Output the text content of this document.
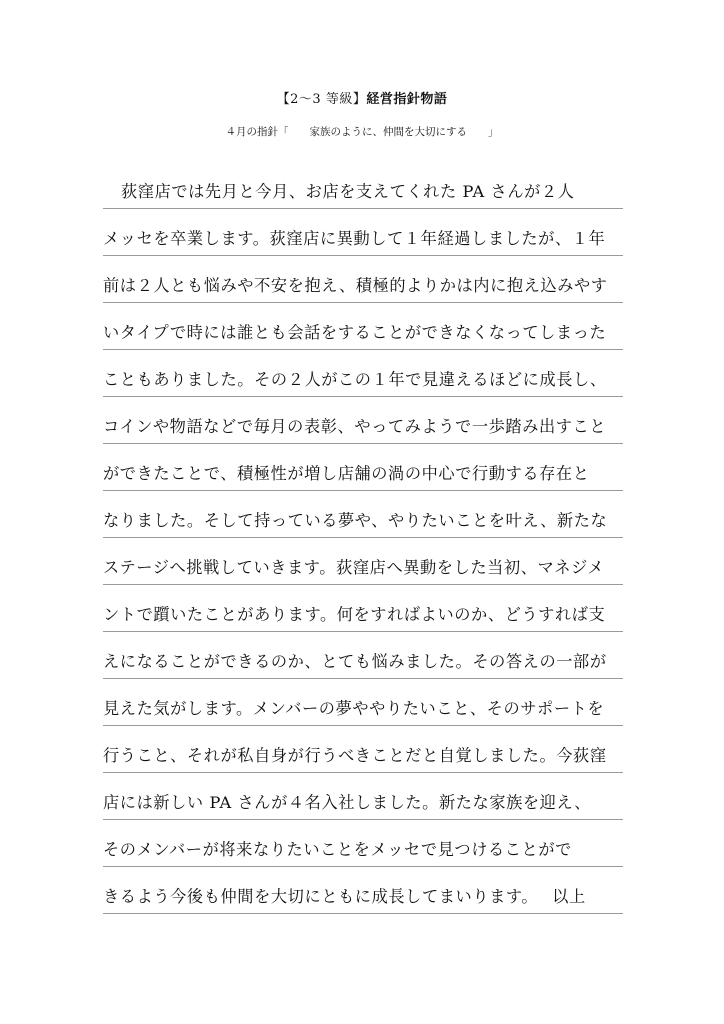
【2〜3 等級】経営指針物語
４月の指針「　　家族のように、仲間を大切にする　　」
荻窪店では先月と今月、お店を支えてくれた PA さんが２人
メッセを卒業します。荻窪店に異動して１年経過しましたが、１年
前は２人とも悩みや不安を抱え、積極的よりかは内に抱え込みやす
いタイプで時には誰とも会話をすることができなくなってしまった
こともありました。その２人がこの１年で見違えるほどに成長し、
コインや物語などで毎月の表彰、やってみようで一歩踏み出すこと
ができたことで、積極性が増し店舗の渦の中心で行動する存在と
なりました。そして持っている夢や、やりたいことを叶え、新たな
ステージへ挑戦していきます。荻窪店へ異動をした当初、マネジメ
ントで躓いたことがあります。何をすればよいのか、どうすれば支
えになることができるのか、とても悩みました。その答えの一部が
見えた気がします。メンバーの夢ややりたいこと、そのサポートを
行うこと、それが私自身が行うべきことだと自覚しました。今荻窪
店には新しい PA さんが４名入社しました。新たな家族を迎え、
そのメンバーが将来なりたいことをメッセで見つけることがで
きるよう今後も仲間を大切にともに成長してまいります。 以上
